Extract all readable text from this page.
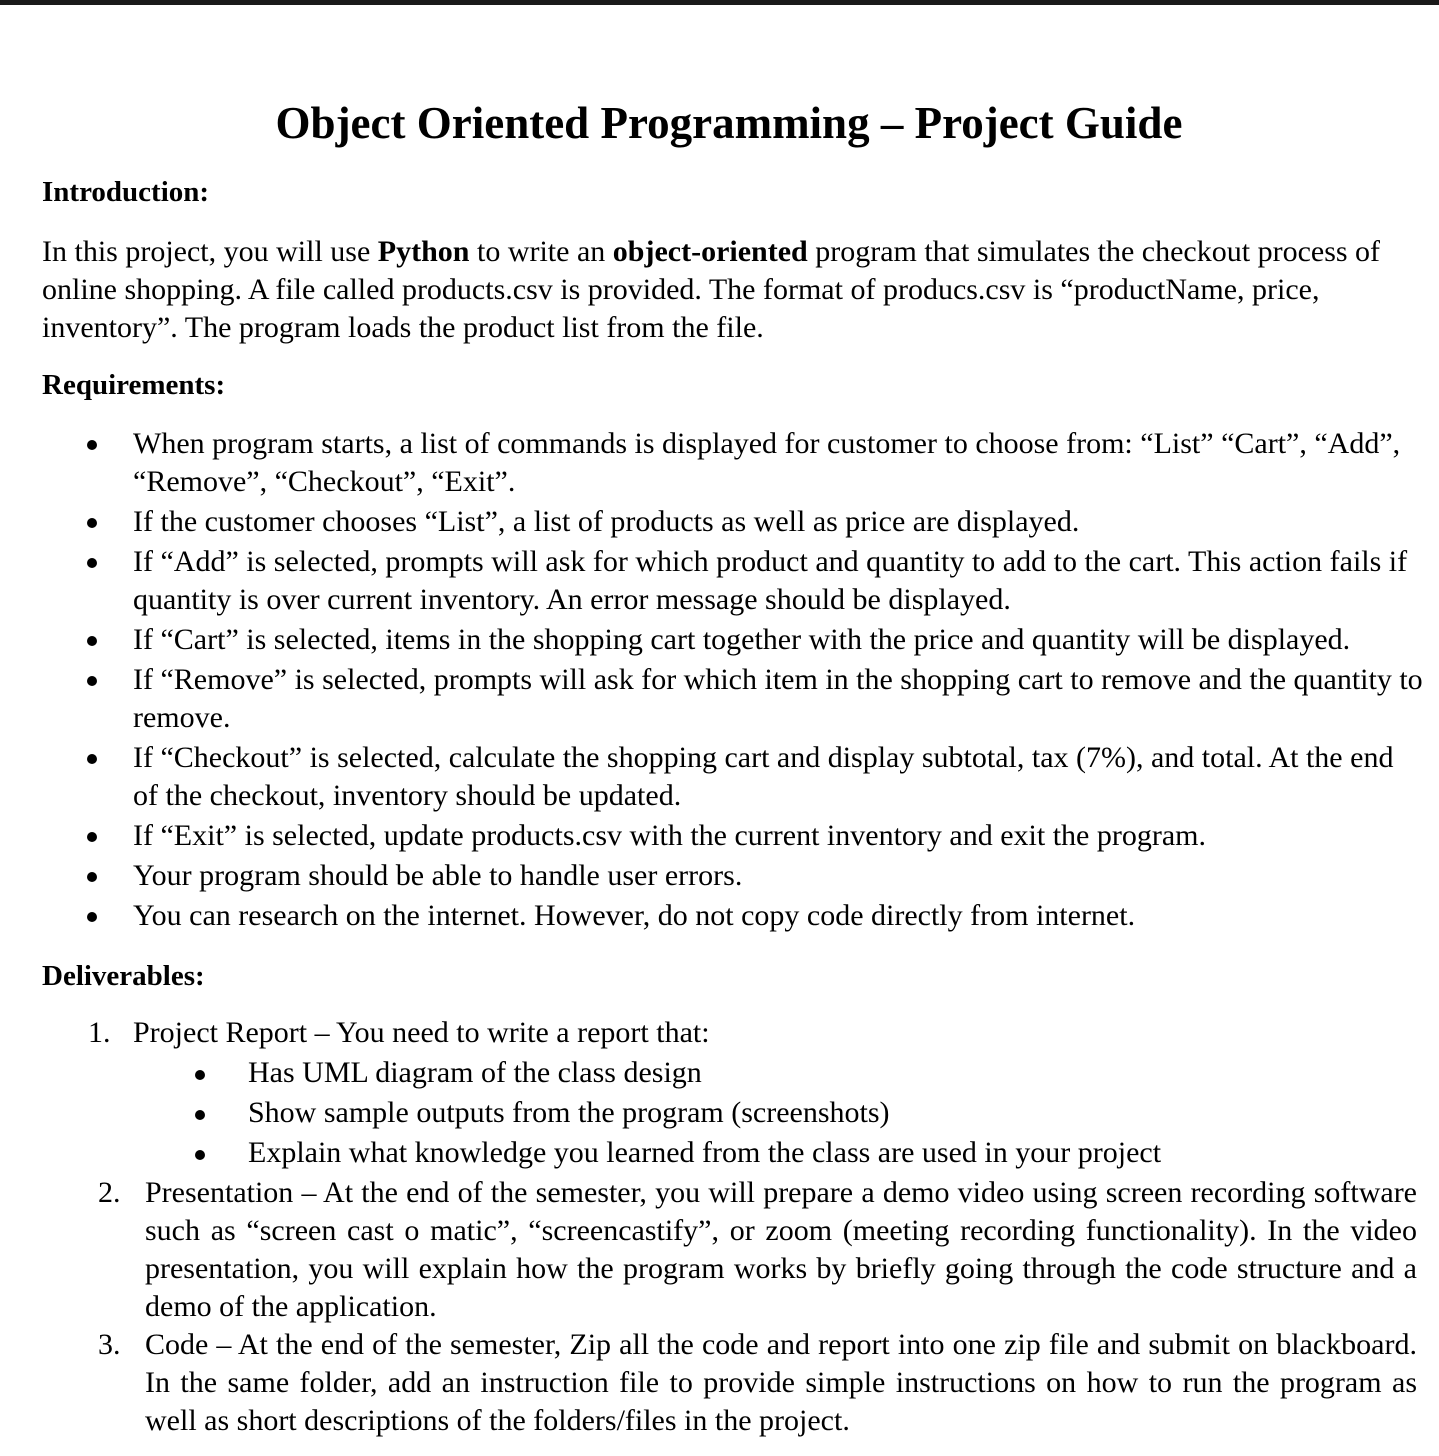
Object Oriented Programming – Project Guide
Introduction:

In this project, you will use Python to write an object-oriented program that simulates the checkout process of online shopping. A file called products.csv is provided. The format of producs.csv is “productName, price, inventory”. The program loads the product list from the file.

Requirements:
When program starts, a list of commands is displayed for customer to choose from: “List” “Cart”, “Add”, “Remove”, “Checkout”, “Exit”.
If the customer chooses “List”, a list of products as well as price are displayed.
If “Add” is selected, prompts will ask for which product and quantity to add to the cart. This action fails if quantity is over current inventory. An error message should be displayed.
If “Cart” is selected, items in the shopping cart together with the price and quantity will be displayed.
If “Remove” is selected, prompts will ask for which item in the shopping cart to remove and the quantity to remove.
If “Checkout” is selected, calculate the shopping cart and display subtotal, tax (7%), and total. At the end of the checkout, inventory should be updated.
If “Exit” is selected, update products.csv with the current inventory and exit the program.
Your program should be able to handle user errors.
You can research on the internet. However, do not copy code directly from internet.
Deliverables:
1. Project Report – You need to write a report that:
Has UML diagram of the class design
Show sample outputs from the program (screenshots)
Explain what knowledge you learned from the class are used in your project
2. Presentation – At the end of the semester, you will prepare a demo video using screen recording software such as “screen cast o matic”, “screencastify”, or zoom (meeting recording functionality). In the video presentation, you will explain how the program works by briefly going through the code structure and a demo of the application.
3. Code – At the end of the semester, Zip all the code and report into one zip file and submit on blackboard. In the same folder, add an instruction file to provide simple instructions on how to run the program as well as short descriptions of the folders/files in the project.
